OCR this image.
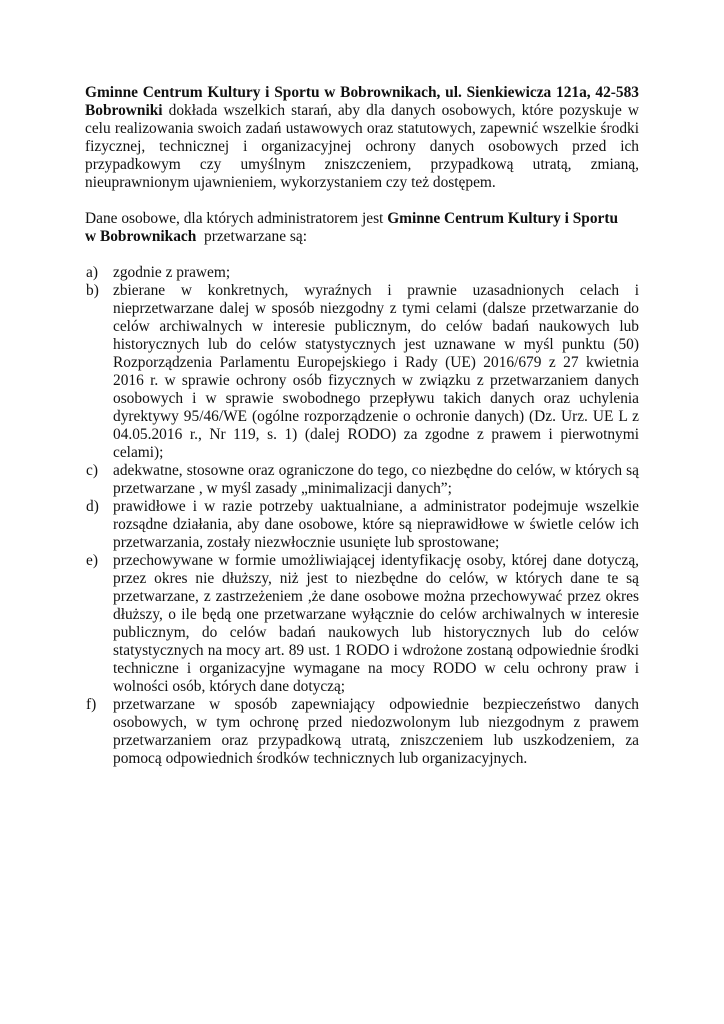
Gminne Centrum Kultury i Sportu w Bobrownikach, ul. Sienkiewicza 121a, 42-583 Bobrowniki dokłada wszelkich starań, aby dla danych osobowych, które pozyskuje w celu realizowania swoich zadań ustawowych oraz statutowych, zapewnić wszelkie środki fizycznej, technicznej i organizacyjnej ochrony danych osobowych przed ich przypadkowym czy umyślnym zniszczeniem, przypadkową utratą, zmianą, nieuprawnionym ujawnieniem, wykorzystaniem czy też dostępem.

Dane osobowe, dla których administratorem jest Gminne Centrum Kultury i Sportu
w Bobrownikach  przetwarzane są:

a) zgodnie z prawem;
b) zbierane w konkretnych, wyraźnych i prawnie uzasadnionych celach i nieprzetwarzane dalej w sposób niezgodny z tymi celami (dalsze przetwarzanie do celów archiwalnych w interesie publicznym, do celów badań naukowych lub historycznych lub do celów statystycznych jest uznawane w myśl punktu (50) Rozporządzenia Parlamentu Europejskiego i Rady (UE) 2016/679 z 27 kwietnia 2016 r. w sprawie ochrony osób fizycznych w związku z przetwarzaniem danych osobowych i w sprawie swobodnego przepływu takich danych oraz uchylenia dyrektywy 95/46/WE (ogólne rozporządzenie o ochronie danych) (Dz. Urz. UE L z 04.05.2016 r., Nr 119, s. 1) (dalej RODO) za zgodne z prawem i pierwotnymi celami);
c) adekwatne, stosowne oraz ograniczone do tego, co niezbędne do celów, w których są przetwarzane , w myśl zasady „minimalizacji danych”;
d) prawidłowe i w razie potrzeby uaktualniane, a administrator podejmuje wszelkie rozsądne działania, aby dane osobowe, które są nieprawidłowe w świetle celów ich przetwarzania, zostały niezwłocznie usunięte lub sprostowane;
e) przechowywane w formie umożliwiającej identyfikację osoby, której dane dotyczą, przez okres nie dłuższy, niż jest to niezbędne do celów, w których dane te są przetwarzane, z zastrzeżeniem ,że dane osobowe można przechowywać przez okres dłuższy, o ile będą one przetwarzane wyłącznie do celów archiwalnych w interesie publicznym, do celów badań naukowych lub historycznych lub do celów statystycznych na mocy art. 89 ust. 1 RODO i wdrożone zostaną odpowiednie środki techniczne i organizacyjne wymagane na mocy RODO w celu ochrony praw i wolności osób, których dane dotyczą;
f) przetwarzane w sposób zapewniający odpowiednie bezpieczeństwo danych osobowych, w tym ochronę przed niedozwolonym lub niezgodnym z prawem przetwarzaniem oraz przypadkową utratą, zniszczeniem lub uszkodzeniem, za pomocą odpowiednich środków technicznych lub organizacyjnych.
